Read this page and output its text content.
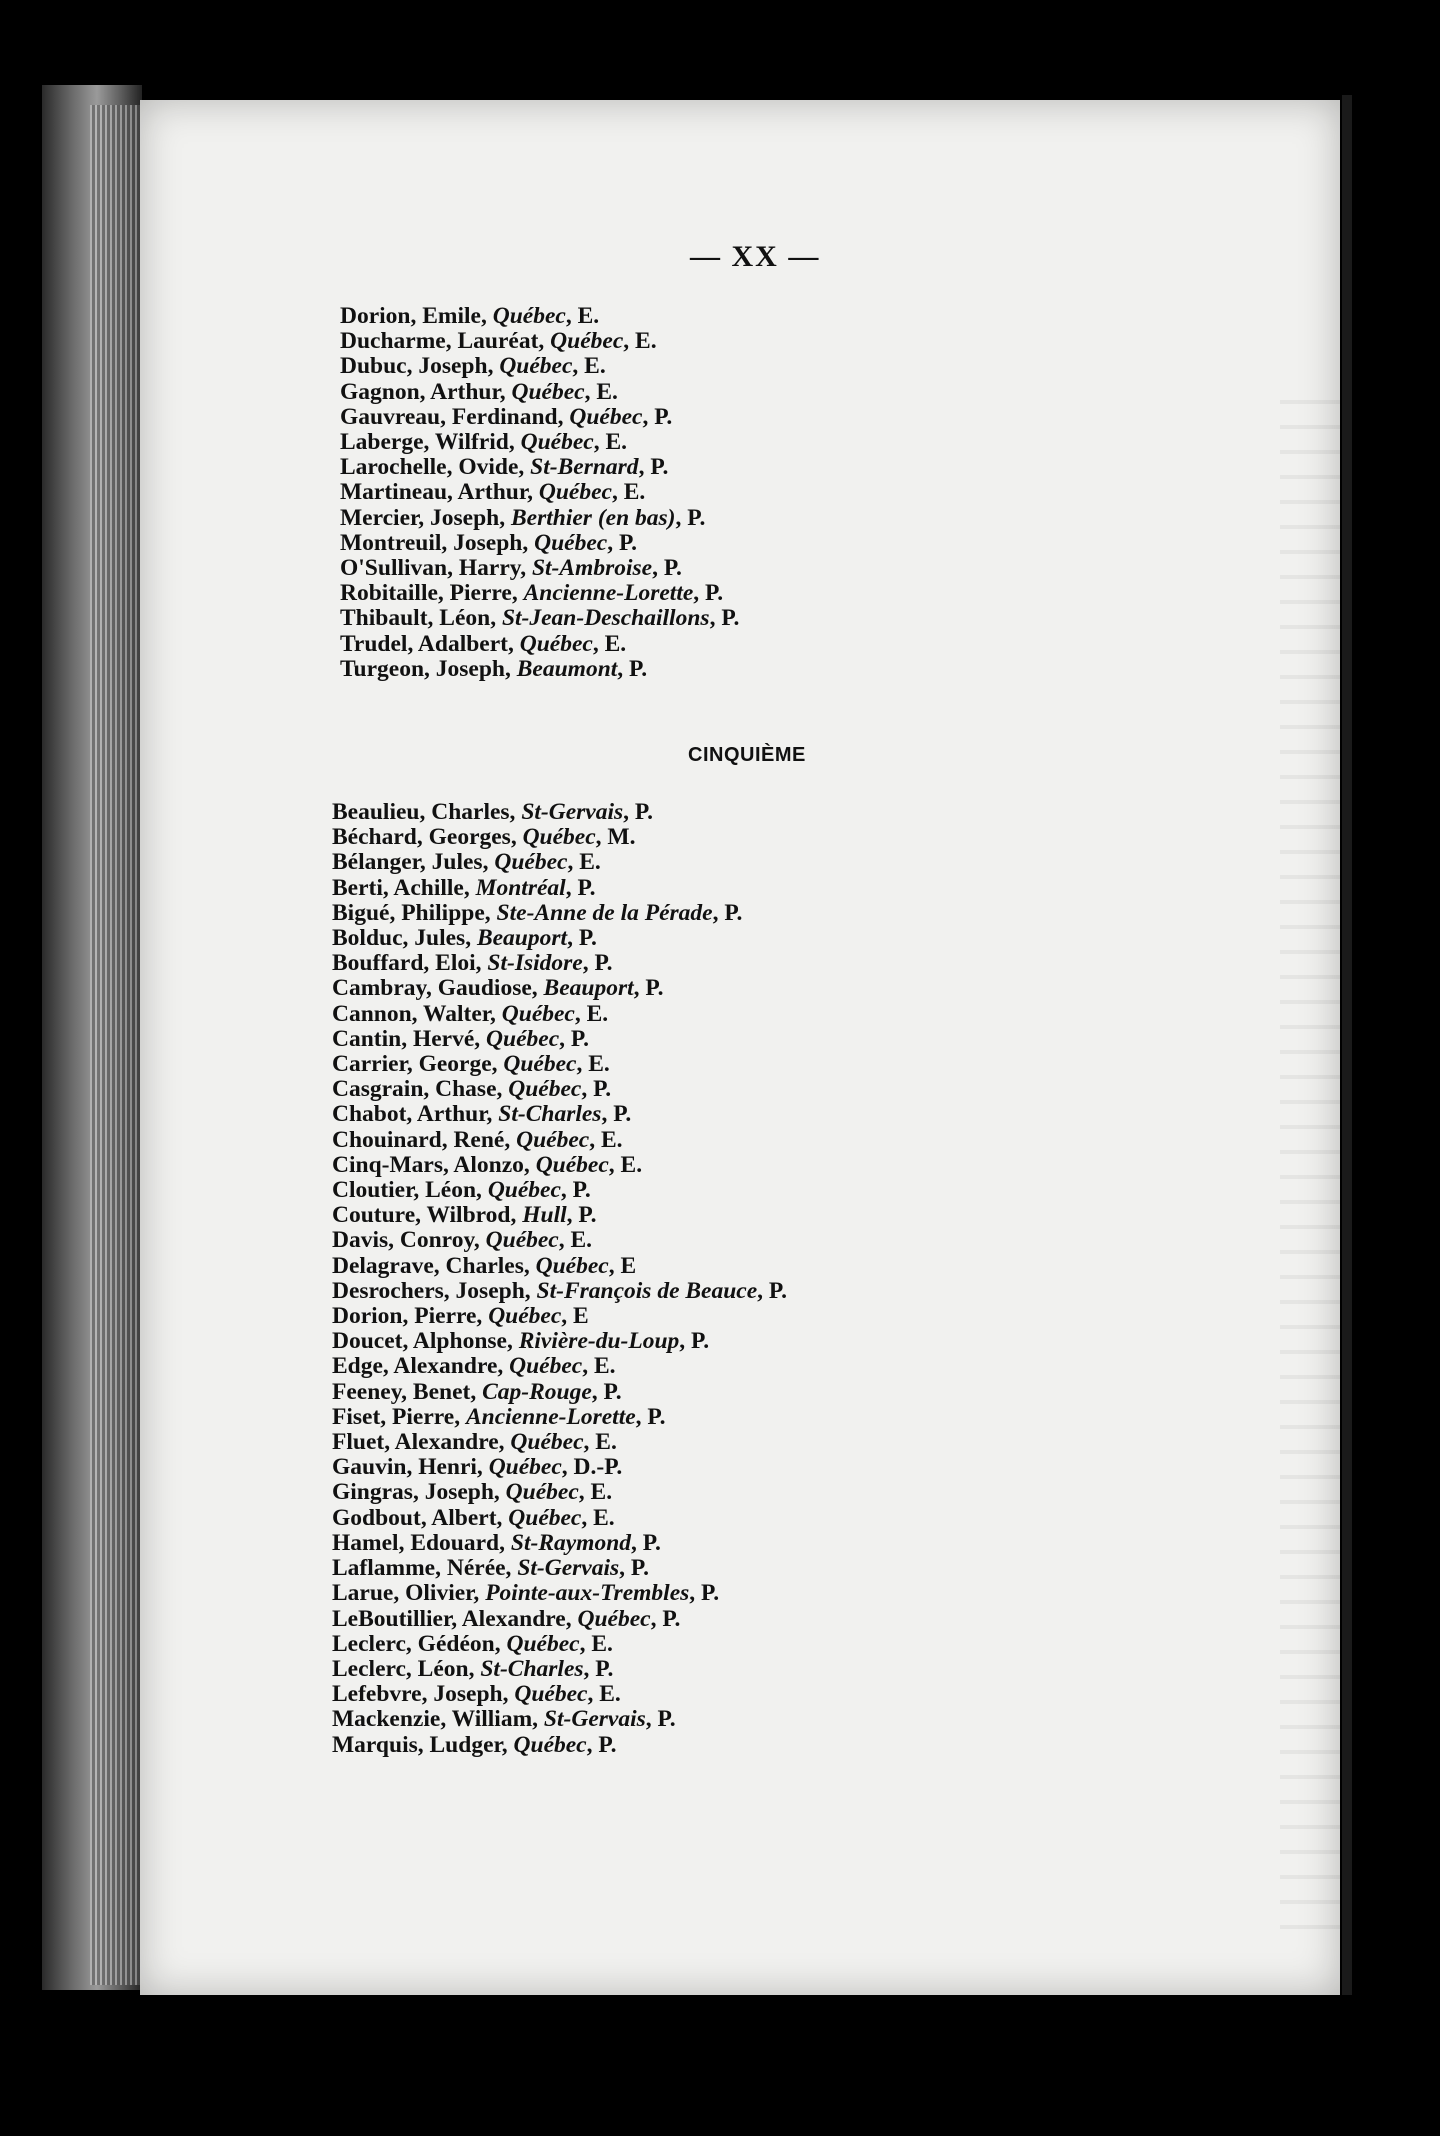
— XX —
Dorion, Emile, Québec, E.
Ducharme, Lauréat, Québec, E.
Dubuc, Joseph, Québec, E.
Gagnon, Arthur, Québec, E.
Gauvreau, Ferdinand, Québec, P.
Laberge, Wilfrid, Québec, E.
Larochelle, Ovide, St-Bernard, P.
Martineau, Arthur, Québec, E.
Mercier, Joseph, Berthier (en bas), P.
Montreuil, Joseph, Québec, P.
O'Sullivan, Harry, St-Ambroise, P.
Robitaille, Pierre, Ancienne-Lorette, P.
Thibault, Léon, St-Jean-Deschaillons, P.
Trudel, Adalbert, Québec, E.
Turgeon, Joseph, Beaumont, P.
CINQUIÈME
Beaulieu, Charles, St-Gervais, P.
Béchard, Georges, Québec, M.
Bélanger, Jules, Québec, E.
Berti, Achille, Montréal, P.
Bigué, Philippe, Ste-Anne de la Pérade, P.
Bolduc, Jules, Beauport, P.
Bouffard, Eloi, St-Isidore, P.
Cambray, Gaudiose, Beauport, P.
Cannon, Walter, Québec, E.
Cantin, Hervé, Québec, P.
Carrier, George, Québec, E.
Casgrain, Chase, Québec, P.
Chabot, Arthur, St-Charles, P.
Chouinard, René, Québec, E.
Cinq-Mars, Alonzo, Québec, E.
Cloutier, Léon, Québec, P.
Couture, Wilbrod, Hull, P.
Davis, Conroy, Québec, E.
Delagrave, Charles, Québec, E
Desrochers, Joseph, St-François de Beauce, P.
Dorion, Pierre, Québec, E
Doucet, Alphonse, Rivière-du-Loup, P.
Edge, Alexandre, Québec, E.
Feeney, Benet, Cap-Rouge, P.
Fiset, Pierre, Ancienne-Lorette, P.
Fluet, Alexandre, Québec, E.
Gauvin, Henri, Québec, D.-P.
Gingras, Joseph, Québec, E.
Godbout, Albert, Québec, E.
Hamel, Edouard, St-Raymond, P.
Laflamme, Nérée, St-Gervais, P.
Larue, Olivier, Pointe-aux-Trembles, P.
LeBoutillier, Alexandre, Québec, P.
Leclerc, Gédéon, Québec, E.
Leclerc, Léon, St-Charles, P.
Lefebvre, Joseph, Québec, E.
Mackenzie, William, St-Gervais, P.
Marquis, Ludger, Québec, P.
